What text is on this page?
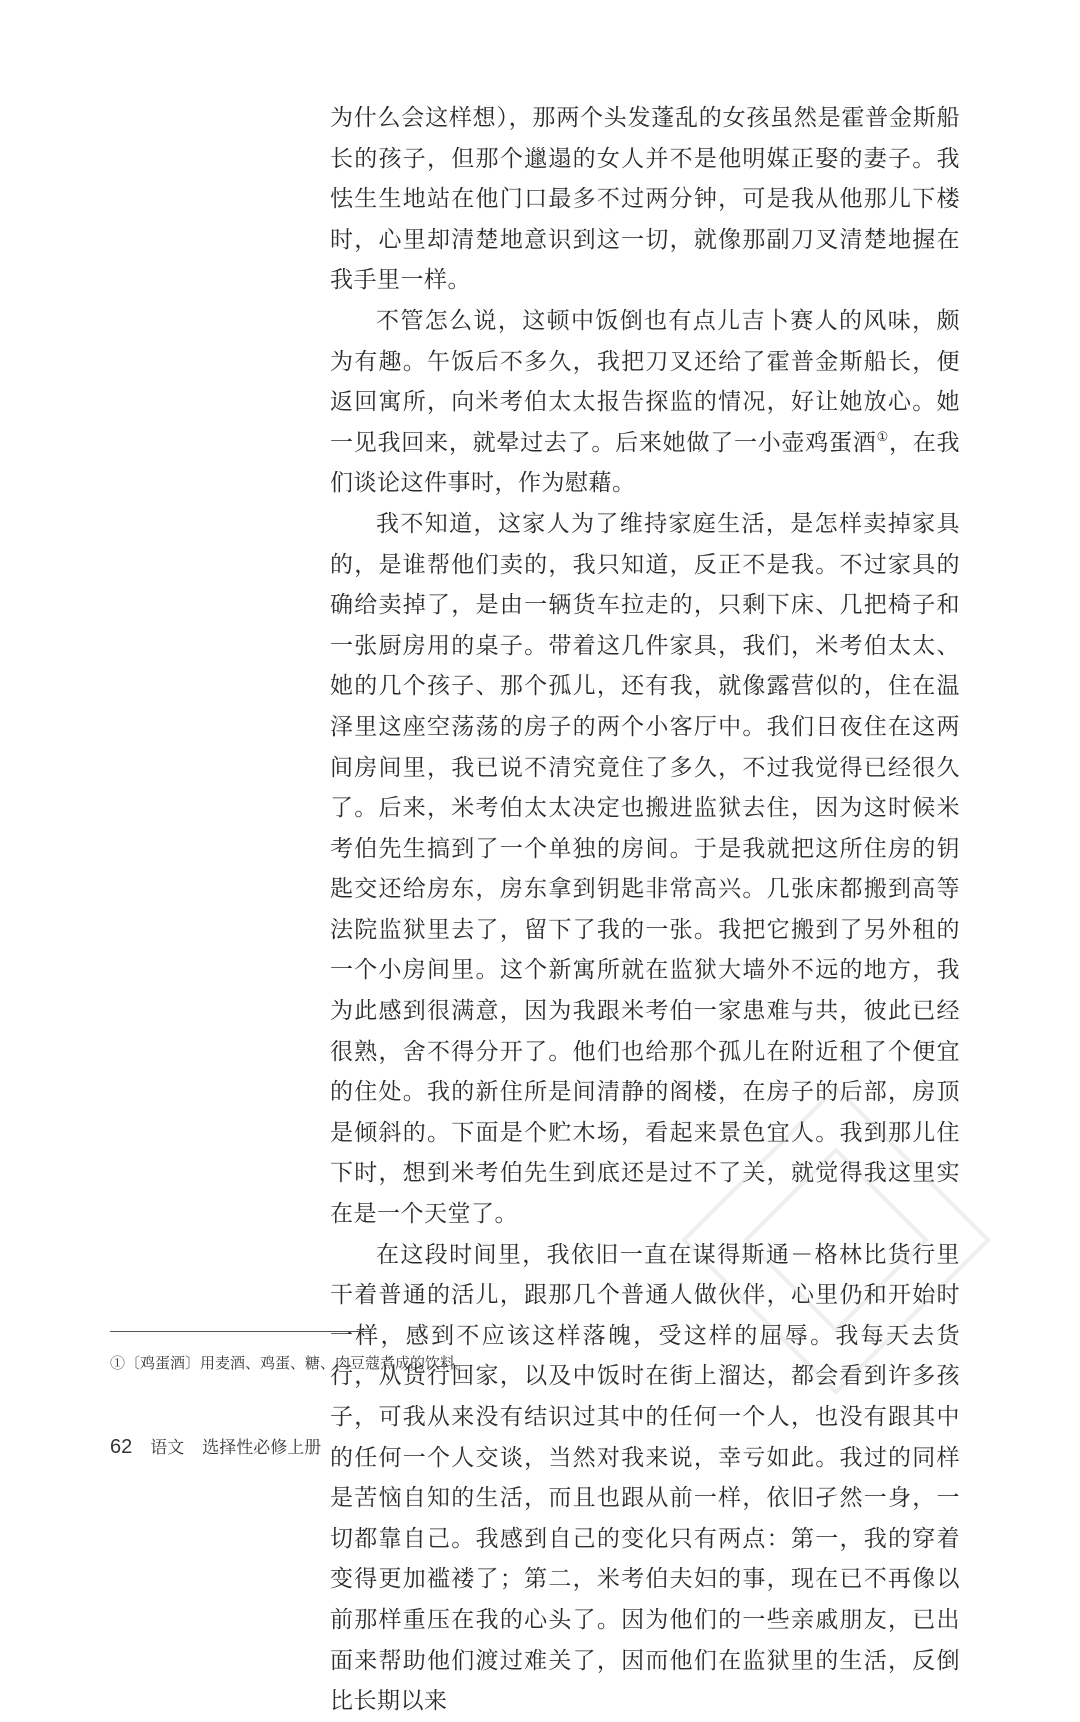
为什么会这样想），那两个头发蓬乱的女孩虽然是霍普金斯船长的孩子，但那个邋遢的女人并不是他明媒正娶的妻子。我怯生生地站在他门口最多不过两分钟，可是我从他那儿下楼时，心里却清楚地意识到这一切，就像那副刀叉清楚地握在我手里一样。

不管怎么说，这顿中饭倒也有点儿吉卜赛人的风味，颇为有趣。午饭后不多久，我把刀叉还给了霍普金斯船长，便返回寓所，向米考伯太太报告探监的情况，好让她放心。她一见我回来，就晕过去了。后来她做了一小壶鸡蛋酒①，在我们谈论这件事时，作为慰藉。

我不知道，这家人为了维持家庭生活，是怎样卖掉家具的，是谁帮他们卖的，我只知道，反正不是我。不过家具的确给卖掉了，是由一辆货车拉走的，只剩下床、几把椅子和一张厨房用的桌子。带着这几件家具，我们，米考伯太太、她的几个孩子、那个孤儿，还有我，就像露营似的，住在温泽里这座空荡荡的房子的两个小客厅中。我们日夜住在这两间房间里，我已说不清究竟住了多久，不过我觉得已经很久了。后来，米考伯太太决定也搬进监狱去住，因为这时候米考伯先生搞到了一个单独的房间。于是我就把这所住房的钥匙交还给房东，房东拿到钥匙非常高兴。几张床都搬到高等法院监狱里去了，留下了我的一张。我把它搬到了另外租的一个小房间里。这个新寓所就在监狱大墙外不远的地方，我为此感到很满意，因为我跟米考伯一家患难与共，彼此已经很熟，舍不得分开了。他们也给那个孤儿在附近租了个便宜的住处。我的新住所是间清静的阁楼，在房子的后部，房顶是倾斜的。下面是个贮木场，看起来景色宜人。我到那儿住下时，想到米考伯先生到底还是过不了关，就觉得我这里实在是一个天堂了。

在这段时间里，我依旧一直在谋得斯通－格林比货行里干着普通的活儿，跟那几个普通人做伙伴，心里仍和开始时一样，感到不应该这样落魄，受这样的屈辱。我每天去货行，从货行回家，以及中饭时在街上溜达，都会看到许多孩子，可我从来没有结识过其中的任何一个人，也没有跟其中的任何一个人交谈，当然对我来说，幸亏如此。我过的同样是苦恼自知的生活，而且也跟从前一样，依旧孑然一身，一切都靠自己。我感到自己的变化只有两点：第一，我的穿着变得更加褴褛了；第二，米考伯夫妇的事，现在已不再像以前那样重压在我的心头了。因为他们的一些亲戚朋友，已出面来帮助他们渡过难关了，因而他们在监狱里的生活，反倒比长期以来

①〔鸡蛋酒〕用麦酒、鸡蛋、糖、肉豆蔻煮成的饮料。
62 语文 选择性必修上册
